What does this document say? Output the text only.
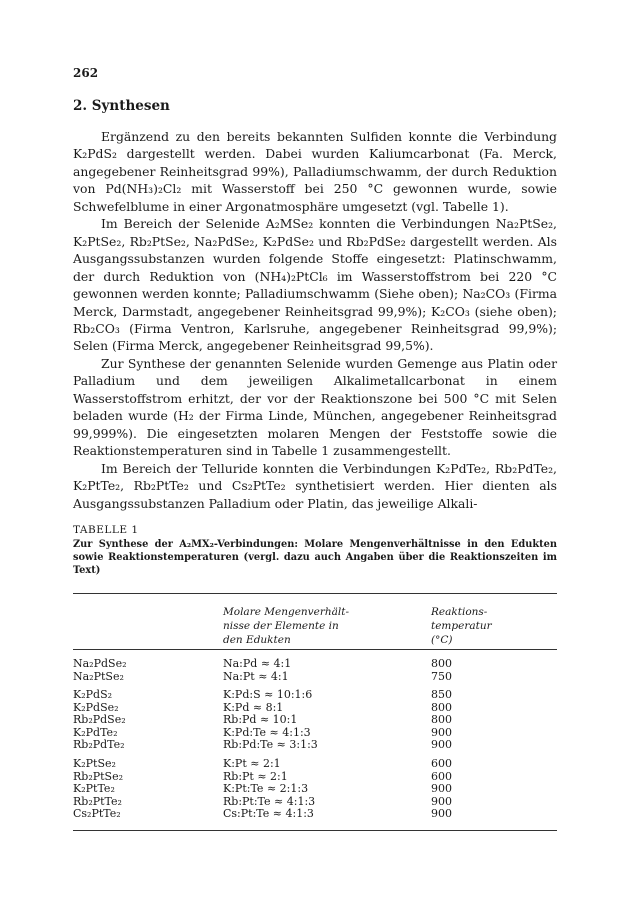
262
2. Synthesen

Ergänzend zu den bereits bekannten Sulfiden konnte die Verbindung K₂PdS₂ dargestellt werden. Dabei wurden Kaliumcarbonat (Fa. Merck, angegebener Reinheitsgrad 99%), Palladiumschwamm, der durch Reduktion von Pd(NH₃)₂Cl₂ mit Wasserstoff bei 250 °C gewonnen wurde, sowie Schwefelblume in einer Argonatmosphäre umgesetzt (vgl. Tabelle 1).

Im Bereich der Selenide A₂MSe₂ konnten die Verbindungen Na₂PtSe₂, K₂PtSe₂, Rb₂PtSe₂, Na₂PdSe₂, K₂PdSe₂ und Rb₂PdSe₂ dargestellt werden. Als Ausgangssubstanzen wurden folgende Stoffe eingesetzt: Platinschwamm, der durch Reduktion von (NH₄)₂PtCl₆ im Wasserstoffstrom bei 220 °C gewonnen werden konnte; Palladiumschwamm (Siehe oben); Na₂CO₃ (Firma Merck, Darmstadt, angegebener Reinheitsgrad 99,9%); K₂CO₃ (siehe oben); Rb₂CO₃ (Firma Ventron, Karlsruhe, angegebener Reinheitsgrad 99,9%); Selen (Firma Merck, angegebener Reinheitsgrad 99,5%).

Zur Synthese der genannten Selenide wurden Gemenge aus Platin oder Palladium und dem jeweiligen Alkalimetallcarbonat in einem Wasserstoffstrom erhitzt, der vor der Reaktionszone bei 500 °C mit Selen beladen wurde (H₂ der Firma Linde, München, angegebener Reinheitsgrad 99,999%). Die eingesetzten molaren Mengen der Feststoffe sowie die Reaktionstemperaturen sind in Tabelle 1 zusammengestellt.

Im Bereich der Telluride konnten die Verbindungen K₂PdTe₂, Rb₂PdTe₂, K₂PtTe₂, Rb₂PtTe₂ und Cs₂PtTe₂ synthetisiert werden. Hier dienten als Ausgangssubstanzen Palladium oder Platin, das jeweilige Alkali-

TABELLE 1
Zur Synthese der A₂MX₂-Verbindungen: Molare Mengenverhältnisse in den Edukten sowie Reaktionstemperaturen (vergl. dazu auch Angaben über die Reaktionszeiten im Text)
Molare Mengenverhält-
nisse der Elemente in
den Edukten
Reaktions-
temperatur
(°C)
Na₂PdSe₂	Na:Pd ≈ 4:1	800
Na₂PtSe₂	Na:Pt ≈ 4:1	750
K₂PdS₂	K:Pd:S ≈ 10:1:6	850
K₂PdSe₂	K:Pd ≈ 8:1	800
Rb₂PdSe₂	Rb:Pd ≈ 10:1	800
K₂PdTe₂	K:Pd:Te ≈ 4:1:3	900
Rb₂PdTe₂	Rb:Pd:Te ≈ 3:1:3	900
K₂PtSe₂	K:Pt ≈ 2:1	600
Rb₂PtSe₂	Rb:Pt ≈ 2:1	600
K₂PtTe₂	K:Pt:Te ≈ 2:1:3	900
Rb₂PtTe₂	Rb:Pt:Te ≈ 4:1:3	900
Cs₂PtTe₂	Cs:Pt:Te ≈ 4:1:3	900
